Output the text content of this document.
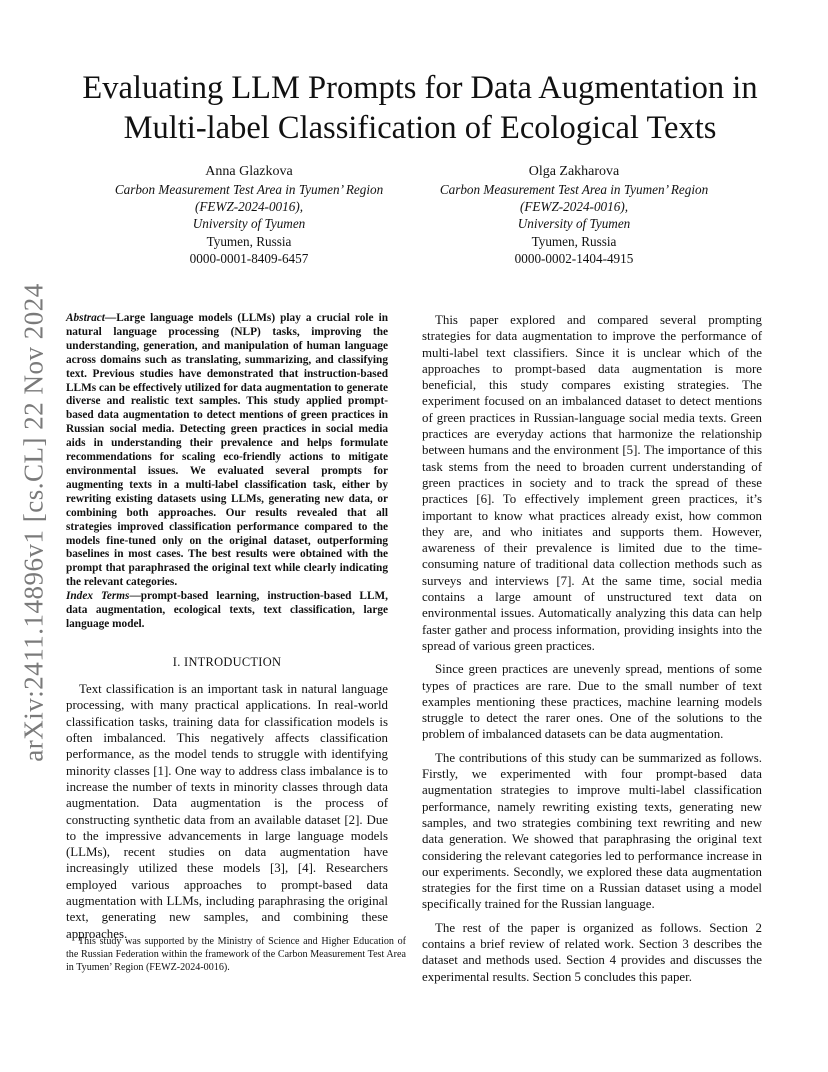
arXiv:2411.14896v1 [cs.CL] 22 Nov 2024
Evaluating LLM Prompts for Data Augmentation in
Multi-label Classification of Ecological Texts
Anna Glazkova
Carbon Measurement Test Area in Tyumen’ Region
(FEWZ-2024-0016),
University of Tyumen
Tyumen, Russia
0000-0001-8409-6457
Olga Zakharova
Carbon Measurement Test Area in Tyumen’ Region
(FEWZ-2024-0016),
University of Tyumen
Tyumen, Russia
0000-0002-1404-4915

Abstract—Large language models (LLMs) play a crucial role in natural language processing (NLP) tasks, improving the understanding, generation, and manipulation of human language across domains such as translating, summarizing, and classifying text. Previous studies have demonstrated that instruction-based LLMs can be effectively utilized for data augmentation to generate diverse and realistic text samples. This study applied prompt-based data augmentation to detect mentions of green practices in Russian social media. Detecting green practices in social media aids in understanding their prevalence and helps formulate recommendations for scaling eco-friendly actions to mitigate environmental issues. We evaluated several prompts for augmenting texts in a multi-label classification task, either by rewriting existing datasets using LLMs, generating new data, or combining both approaches. Our results revealed that all strategies improved classification performance compared to the models fine-tuned only on the original dataset, outperforming baselines in most cases. The best results were obtained with the prompt that paraphrased the original text while clearly indicating the relevant categories.

Index Terms—prompt-based learning, instruction-based LLM, data augmentation, ecological texts, text classification, large language model.

I. INTRODUCTION

Text classification is an important task in natural language processing, with many practical applications. In real-world classification tasks, training data for classification models is often imbalanced. This negatively affects classification performance, as the model tends to struggle with identifying minority classes [1]. One way to address class imbalance is to increase the number of texts in minority classes through data augmentation. Data augmentation is the process of constructing synthetic data from an available dataset [2]. Due to the impressive advancements in large language models (LLMs), recent studies on data augmentation have increasingly utilized these models [3], [4]. Researchers employed various approaches to prompt-based data augmentation with LLMs, including paraphrasing the original text, generating new samples, and combining these approaches.

This study was supported by the Ministry of Science and Higher Education of the Russian Federation within the framework of the Carbon Measurement Test Area in Tyumen’ Region (FEWZ-2024-0016).

This paper explored and compared several prompting strategies for data augmentation to improve the performance of multi-label text classifiers. Since it is unclear which of the approaches to prompt-based data augmentation is more beneficial, this study compares existing strategies. The experiment focused on an imbalanced dataset to detect mentions of green practices in Russian-language social media texts. Green practices are everyday actions that harmonize the relationship between humans and the environment [5]. The importance of this task stems from the need to broaden current understanding of green practices in society and to track the spread of these practices [6]. To effectively implement green practices, it’s important to know what practices already exist, how common they are, and who initiates and supports them. However, awareness of their prevalence is limited due to the time-consuming nature of traditional data collection methods such as surveys and interviews [7]. At the same time, social media contains a large amount of unstructured text data on environmental issues. Automatically analyzing this data can help faster gather and process information, providing insights into the spread of various green practices.

Since green practices are unevenly spread, mentions of some types of practices are rare. Due to the small number of text examples mentioning these practices, machine learning models struggle to detect the rarer ones. One of the solutions to the problem of imbalanced datasets can be data augmentation.

The contributions of this study can be summarized as follows. Firstly, we experimented with four prompt-based data augmentation strategies to improve multi-label classification performance, namely rewriting existing texts, generating new samples, and two strategies combining text rewriting and new data generation. We showed that paraphrasing the original text considering the relevant categories led to performance increase in our experiments. Secondly, we explored these data augmentation strategies for the first time on a Russian dataset using a model specifically trained for the Russian language.

The rest of the paper is organized as follows. Section 2 contains a brief review of related work. Section 3 describes the dataset and methods used. Section 4 provides and discusses the experimental results. Section 5 concludes this paper.
